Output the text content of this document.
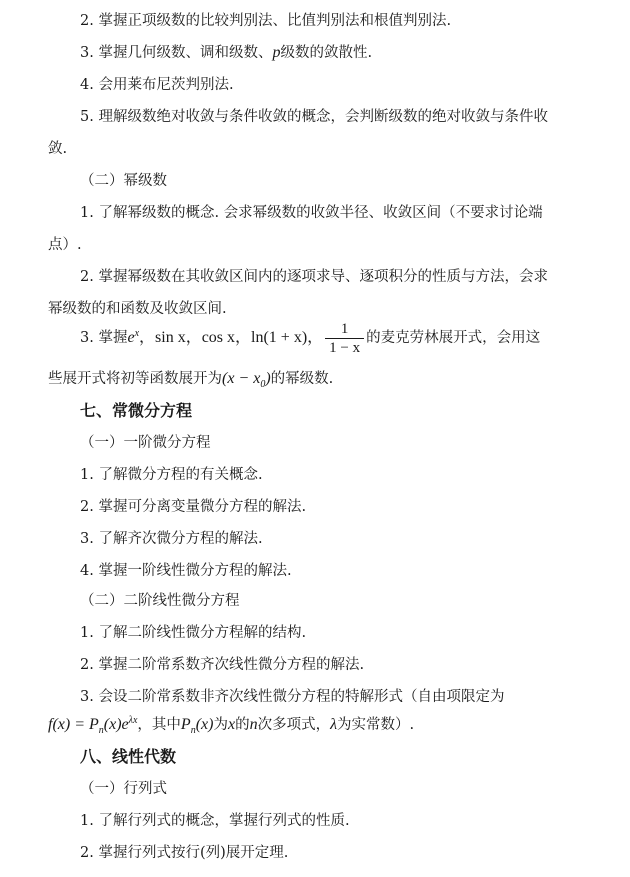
2. 掌握正项级数的比较判别法、比值判别法和根值判别法.
3. 掌握几何级数、调和级数、p级数的敛散性.
4. 会用莱布尼茨判别法.
5. 理解级数绝对收敛与条件收敛的概念，会判断级数的绝对收敛与条件收
敛.
（二）幂级数
1. 了解幂级数的概念. 会求幂级数的收敛半径、收敛区间（不要求讨论端
点）.
2. 掌握幂级数在其收敛区间内的逐项求导、逐项积分的性质与方法，会求
幂级数的和函数及收敛区间.
3. 掌握$e^x$，sin x，cos x，ln(1 + x)， $\frac{1}{1 - x}$ 的麦克劳林展开式，会用这
些展开式将初等函数展开为$(x - x_0)$的幂级数.
七、常微分方程
（一）一阶微分方程
1. 了解微分方程的有关概念.
2. 掌握可分离变量微分方程的解法.
3. 了解齐次微分方程的解法.
4. 掌握一阶线性微分方程的解法.
（二）二阶线性微分方程
1. 了解二阶线性微分方程解的结构.
2. 掌握二阶常系数齐次线性微分方程的解法.
3. 会设二阶常系数非齐次线性微分方程的特解形式（自由项限定为
$f(x) = P_n(x)e^{\lambda x}$，其中$P_n(x)$为x的n次多项式，λ为实常数）.
八、线性代数
（一）行列式
1. 了解行列式的概念，掌握行列式的性质.
2. 掌握行列式按行(列)展开定理.
